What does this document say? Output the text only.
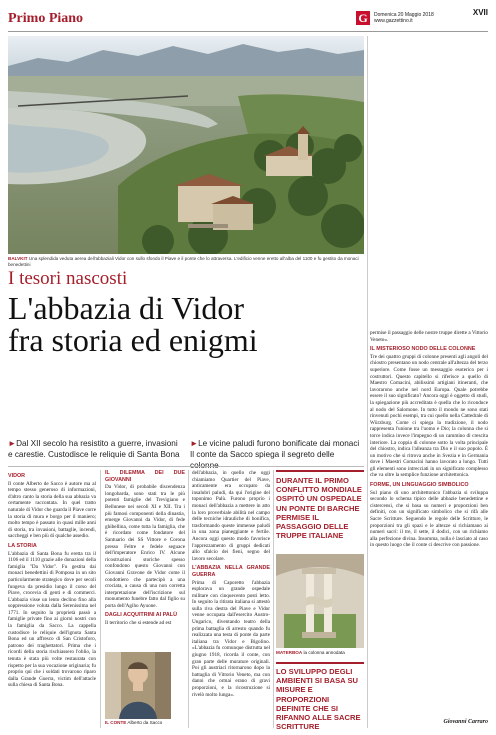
Primo Piano	G	Domenica 20 Maggio 2018
www.gazzettino.it
XVII
BALVKIT Una splendida veduta aerea dell'abbaziali Vidor con sullo sfondo il Piave e il ponte che lo attraversa. L'edificio venne eretto all'alba del 1100 e fu gestito da monaci benedettini
I tesori nascosti
L'abbazia di Vidor
fra storia ed enigmi
►Dal XII secolo ha resistito a guerre, invasioni e carestie. Custodisce le reliquie di Santa Bona
►Le vicine paludi furono bonificate dai monaci Il conte da Sacco spiega il segreto delle colonne
VIDOR

Il conte Alberto de Sacco è autore ma al tempo stesso generoso di informazioni, d'altro canto la storia della sua abbazia va certamente raccontata. In quel tratto naturale di Vidor che guarda il Piave corre la storia di mura e borgo per il maniero; molto tempo è passato in quasi mille anni di storia, tra invasioni, battaglie, incendi, saccheggi e ben più di qualche assedio.

LA STORIA

L'abbazia di Santa Bona fu eretta tra il 1106 ed il 1110 grazie alle donazioni della famiglia "Da Vidor". Fu gestita dai monaci benedettini di Pomposa in un sito particolarmente strategico dove per secoli fungeva da presidio lungo il corso del Piave, crocevia di genti e di commerci. L'abbazia visse un lento declino fino alla soppressione voluta dalla Serenissima nel 1771. In seguito la proprietà passò a famiglie private fino ai giorni nostri con la famiglia da Sacco. La cappella custodisce le reliquie dell'ignota Santa Bona ed un affresco di San Cristoforo, patrono dei traghettatori. Prima che i ricordi della storia rischiassero l'oblio, la tenuta è stata più volte restaurata con rispetto per la sua vocazione originaria; fu proprio qui che i soldati trovarono riparo dalla Grande Guerra, victim dell'attacle sulla chiesa di Santa Bona.

IL DILEMMA DEI DUE GIOVANNI

Da Vidor, di probabile discendenza longobarda, sono stati tra le più potenti famiglie del Trevigiano e Bellunese nei secoli XI e XII. Tra i più famosi componenti della dinastia, emerge Giovanni da Vidor, di fede ghibellina, come tutta la famiglia, che è ricordato come fondatore del Santuario dei SS Vittore e Corona presso Feltre e fedele seguace dell'imperatore Enrico IV. Alcune ricostruzioni storiche spesso confondono questo Giovanni con Giovanni Gravone de Vidor come il condottiero che partecipò a una crociata, a causa di una non corretta interpretazione dell'iscrizione sul monumento funebre fatto dal figlio su porta dell'Agiho Ayuone.

DAGLI ACQUITRINI AI PALÙ

Il territorio che si estende ad est

IL CONTE Alberto da Sacco

dell'abbazia, in quello che oggi chiamiamo Quartier del Piave, anticamente era occupato da insalubri paludi, da qui l'origine del toponimo Palù. Furono proprio i monaci dell'abbazia a mettere in atto la loro proverbiale abilità nel campo delle tecniche idrauliche di bonifica, trasformando queste immense paludi in una zona pianeggiante e fertile. Ancora oggi questo modo favorisce l'apprezzamento di gruppi dedicati allo sfalcio dei fieni, segno del lavoro secolare.

L'ABBAZIA NELLA GRANDE GUERRA

Prima di Caporetto l'abbazia esplorava un grande ospedale militare con cinquecento posti letto. In seguito la ritirata italiana si attestò sulla riva destra del Piave e Vidor venne occupata dall'esercito Austro-Ungarico, diventando teatro della prima battaglia di arresto quando fu realizzata una testa di ponte da parte italiana tra Vidor e Bigolino. «L'abbazia fu comunque distrutta nel giugno 1918, ricorda il conte, con gran parte delle murature originali. Poi gli austriaci ritornarono dopo la battaglia di Vittorio Veneto, ma con danni che ormai erano di gravi proporzioni, e la ricostruzione si rivelò molto lunga».

DURANTE IL PRIMO CONFLITTO MONDIALE OSPITÒ UN OSPEDALE UN PONTE DI BARCHE PERMISE IL PASSAGGIO DELLE TRUPPE ITALIANE
MATERBOA la colonna annodata
LO SVILUPPO DEGLI AMBIENTI SI BASA SU MISURE E PROPORZIONI DEFINITE CHE SI RIFANNO ALLE SACRE SCRITTURE

permise il passaggio delle nostre truppe dirette a Vittorio Veneto».

IL MISTERIOSO NODO DELLE COLONNE

Tre dei quattro gruppi di colonne presenti agli angoli del chiostro presentano un nodo centrale all'altezza del terzo superiore. Come fosse un messaggio esoterico per i costruttori. Questo capitello si riferisce a quello di Maestro Comacini, abilissimi artigiani itineranti, che lavorarono anche nel nord Europa. Quale potrebbe essere il suo significato? Ancora oggi è oggetto di studi, la spiegazione più accreditata è quella che lo riconduce al nodo del Salomone. In tutto il mondo ne sono stati rinvenuti pochi esempi, tra cui quello nella Cattedrale di Würzburg. Come ci spiega la tradizione, il nodo rappresenta l'unione tra l'uomo e Dio; la colonna che si torce indica invece l'impegno di un cammino di crescita interiore. La coppia di colonne sotto la volta principale del chiostro, indica l'alleanza tra Dio e il suo popolo. È un motivo che si ritrova anche in Svezia e in Germania dove i Maestri Comacini hanno lavorato a lungo. Tutti gli elementi sono intrecciati in un significato complesso che va oltre la semplice funzione architettonica.

FORME, UN LINGUAGGIO SIMBOLICO

Sul piano di uno architettonico l'abbazia si sviluppa secondo lo schema tipico delle abbazie benedettine e cistercensi, che si basa su numeri e proporzioni ben definiti, con un significato simbolico che si rifà alle Sacre Scritture. Seguendo le regole delle Scritture, le proporzioni tra gli spazi e le altezze si richiamano ai numeri sacri: il tre, il sette, il dodici, con un richiamo alla perfezione divina. Insomma, nulla è lasciato al caso in questo luogo che il conte ci descrive con passione.

Giovanni Carraro
